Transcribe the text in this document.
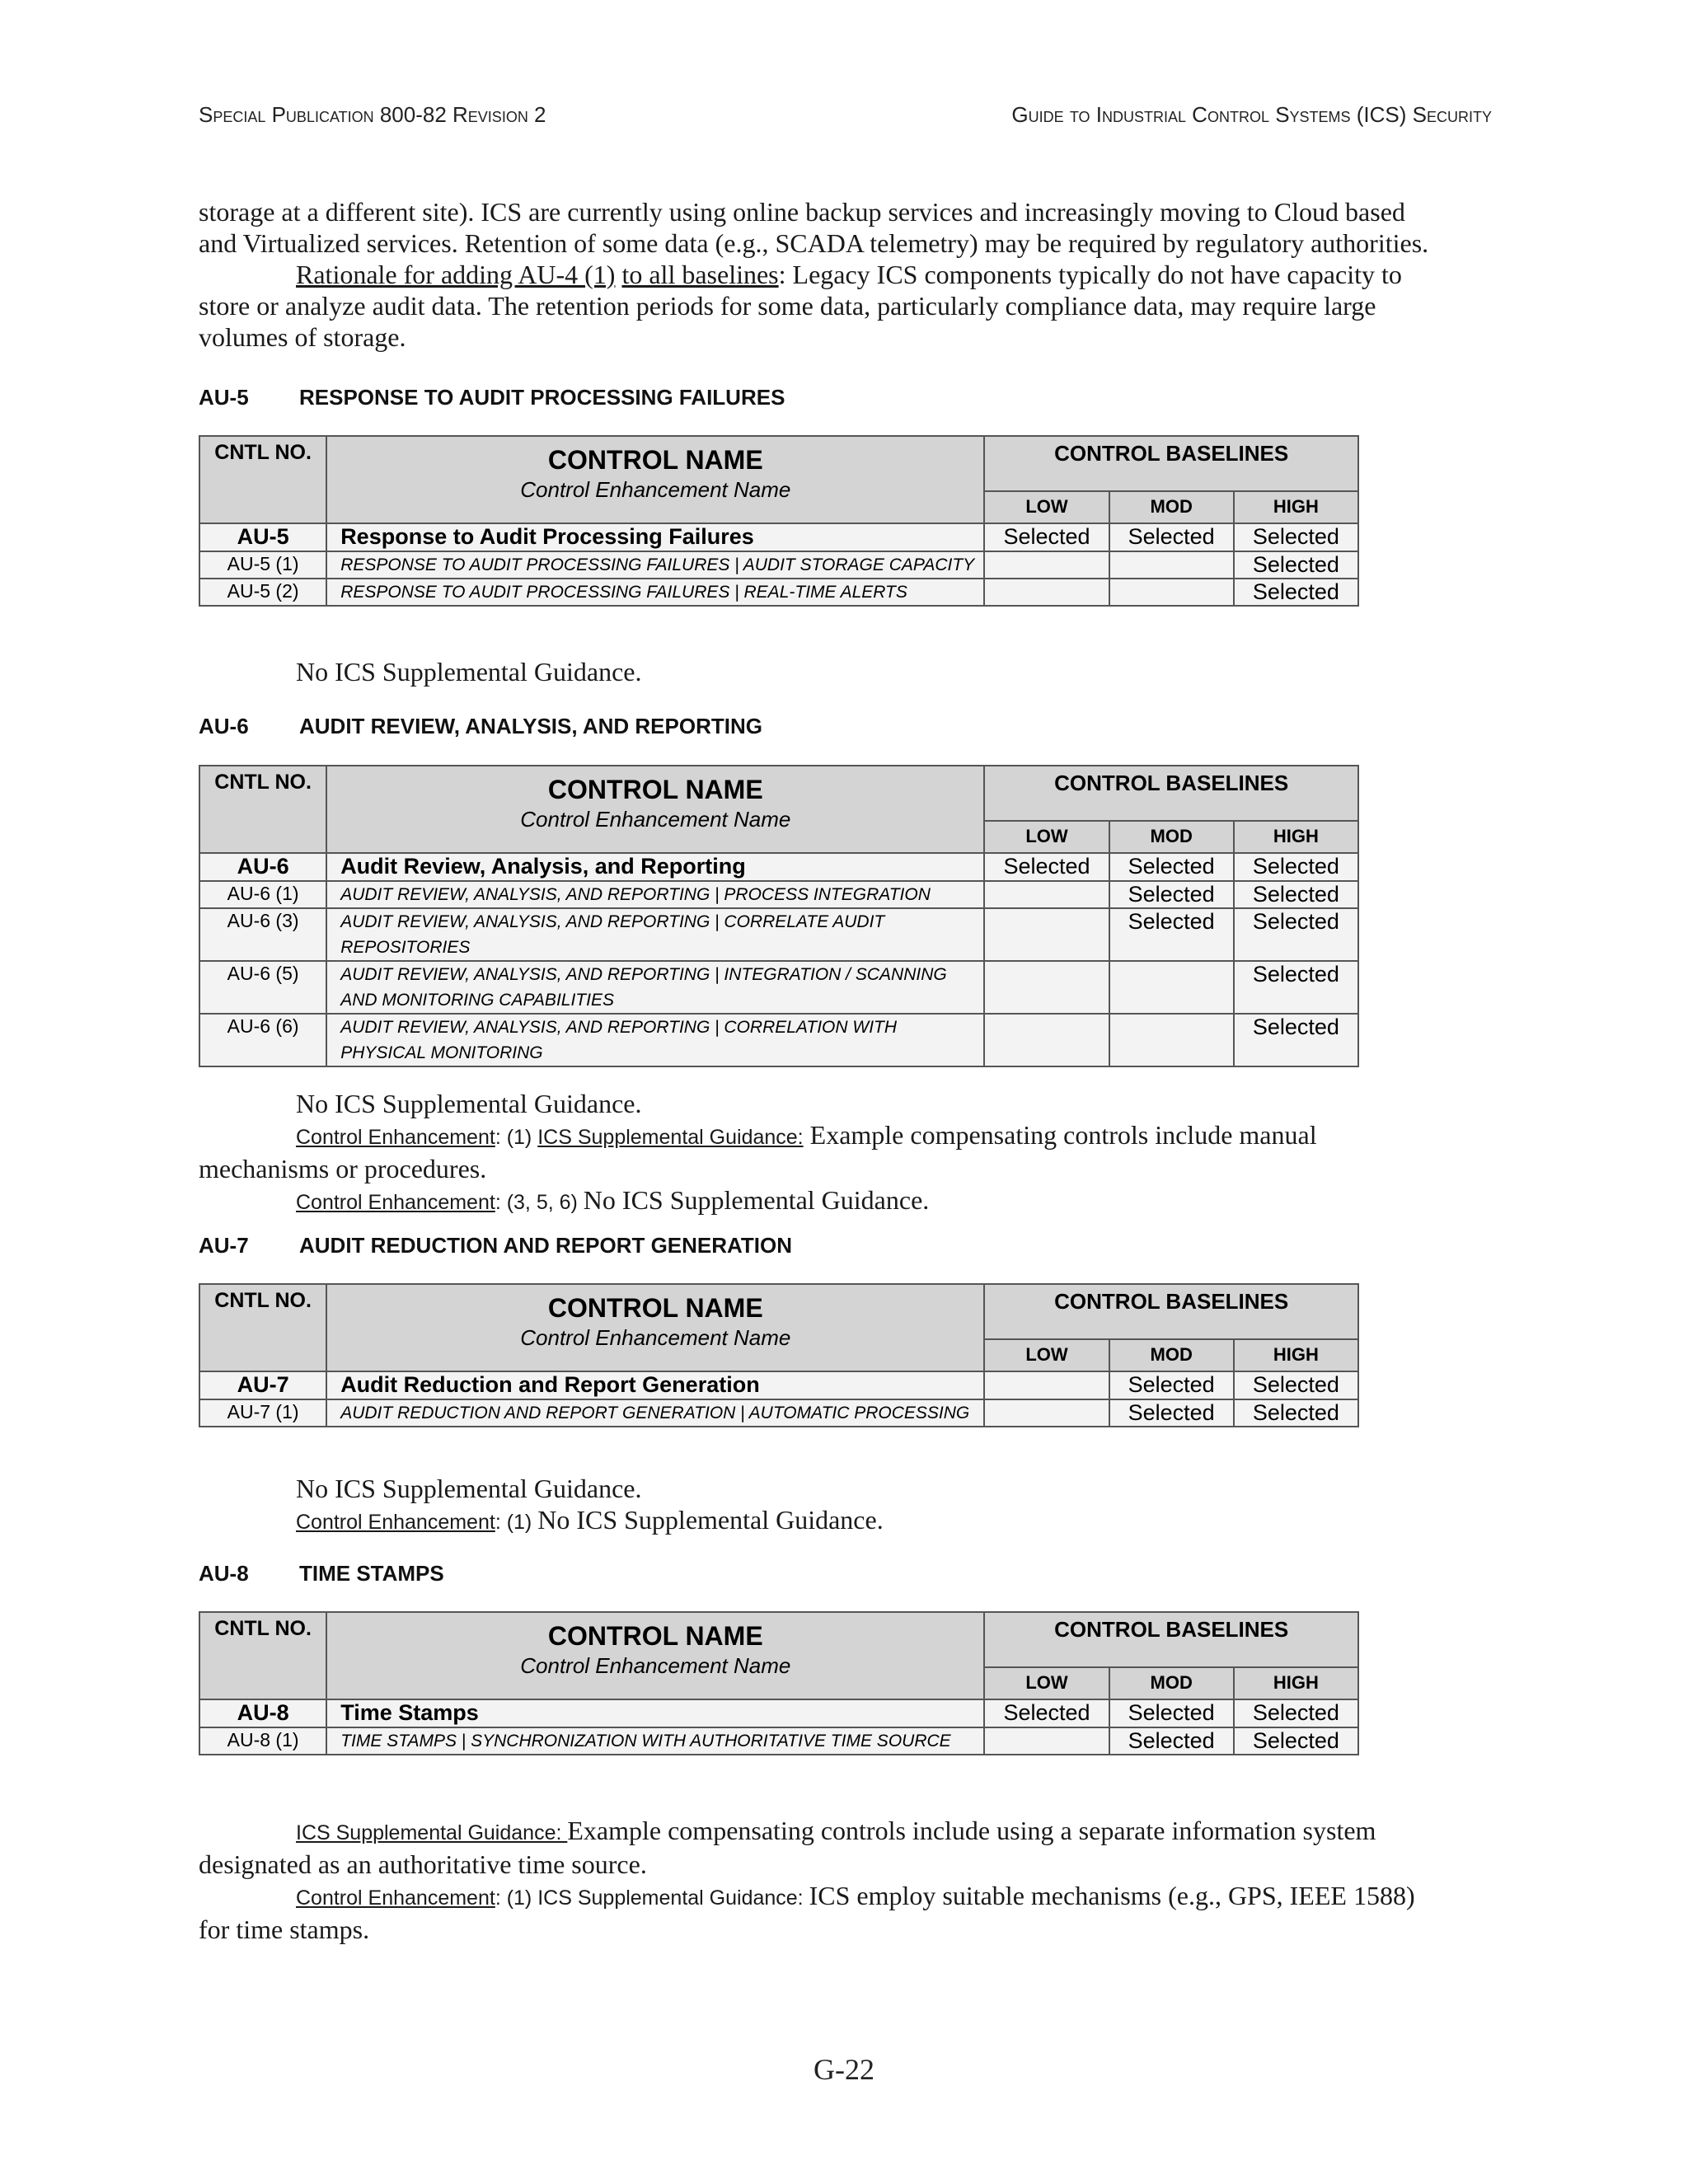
Special Publication 800-82 Revision 2	Guide to Industrial Control Systems (ICS) Security
storage at a different site). ICS are currently using online backup services and increasingly moving to Cloud based
and Virtualized services. Retention of some data (e.g., SCADA telemetry) may be required by regulatory authorities.
Rationale for adding AU-4 (1) to all baselines: Legacy ICS components typically do not have capacity to
store or analyze audit data. The retention periods for some data, particularly compliance data, may require large
volumes of storage.
AU-5 RESPONSE TO AUDIT PROCESSING FAILURES
CNTL NO.	CONTROL NAME
Control Enhancement Name	CONTROL BASELINES		
		LOW	MOD	HIGH
AU-5	Response to Audit Processing Failures	Selected	Selected	Selected
AU-5 (1)	RESPONSE TO AUDIT PROCESSING FAILURES | AUDIT STORAGE CAPACITY			Selected
AU-5 (2)	RESPONSE TO AUDIT PROCESSING FAILURES | REAL-TIME ALERTS			Selected
No ICS Supplemental Guidance.
AU-6 AUDIT REVIEW, ANALYSIS, AND REPORTING
CNTL NO.	CONTROL NAME
Control Enhancement Name	CONTROL BASELINES		
		LOW	MOD	HIGH
AU-6	Audit Review, Analysis, and Reporting	Selected	Selected	Selected
AU-6 (1)	AUDIT REVIEW, ANALYSIS, AND REPORTING | PROCESS INTEGRATION		Selected	Selected
AU-6 (3)	AUDIT REVIEW, ANALYSIS, AND REPORTING | CORRELATE AUDIT REPOSITORIES		Selected	Selected
AU-6 (5)	AUDIT REVIEW, ANALYSIS, AND REPORTING | INTEGRATION / SCANNING AND MONITORING CAPABILITIES			Selected
AU-6 (6)	AUDIT REVIEW, ANALYSIS, AND REPORTING | CORRELATION WITH PHYSICAL MONITORING			Selected
No ICS Supplemental Guidance.
Control Enhancement: (1) ICS Supplemental Guidance: Example compensating controls include manual
mechanisms or procedures.
Control Enhancement: (3, 5, 6) No ICS Supplemental Guidance.
AU-7 AUDIT REDUCTION AND REPORT GENERATION
CNTL NO.	CONTROL NAME
Control Enhancement Name	CONTROL BASELINES		
		LOW	MOD	HIGH
AU-7	Audit Reduction and Report Generation		Selected	Selected
AU-7 (1)	AUDIT REDUCTION AND REPORT GENERATION | AUTOMATIC PROCESSING		Selected	Selected
No ICS Supplemental Guidance.
Control Enhancement: (1) No ICS Supplemental Guidance.
AU-8 TIME STAMPS
CNTL NO.	CONTROL NAME
Control Enhancement Name	CONTROL BASELINES		
		LOW	MOD	HIGH
AU-8	Time Stamps	Selected	Selected	Selected
AU-8 (1)	TIME STAMPS | SYNCHRONIZATION WITH AUTHORITATIVE TIME SOURCE		Selected	Selected
ICS Supplemental Guidance: Example compensating controls include using a separate information system
designated as an authoritative time source.
Control Enhancement: (1) ICS Supplemental Guidance: ICS employ suitable mechanisms (e.g., GPS, IEEE 1588)
for time stamps.
G-22
